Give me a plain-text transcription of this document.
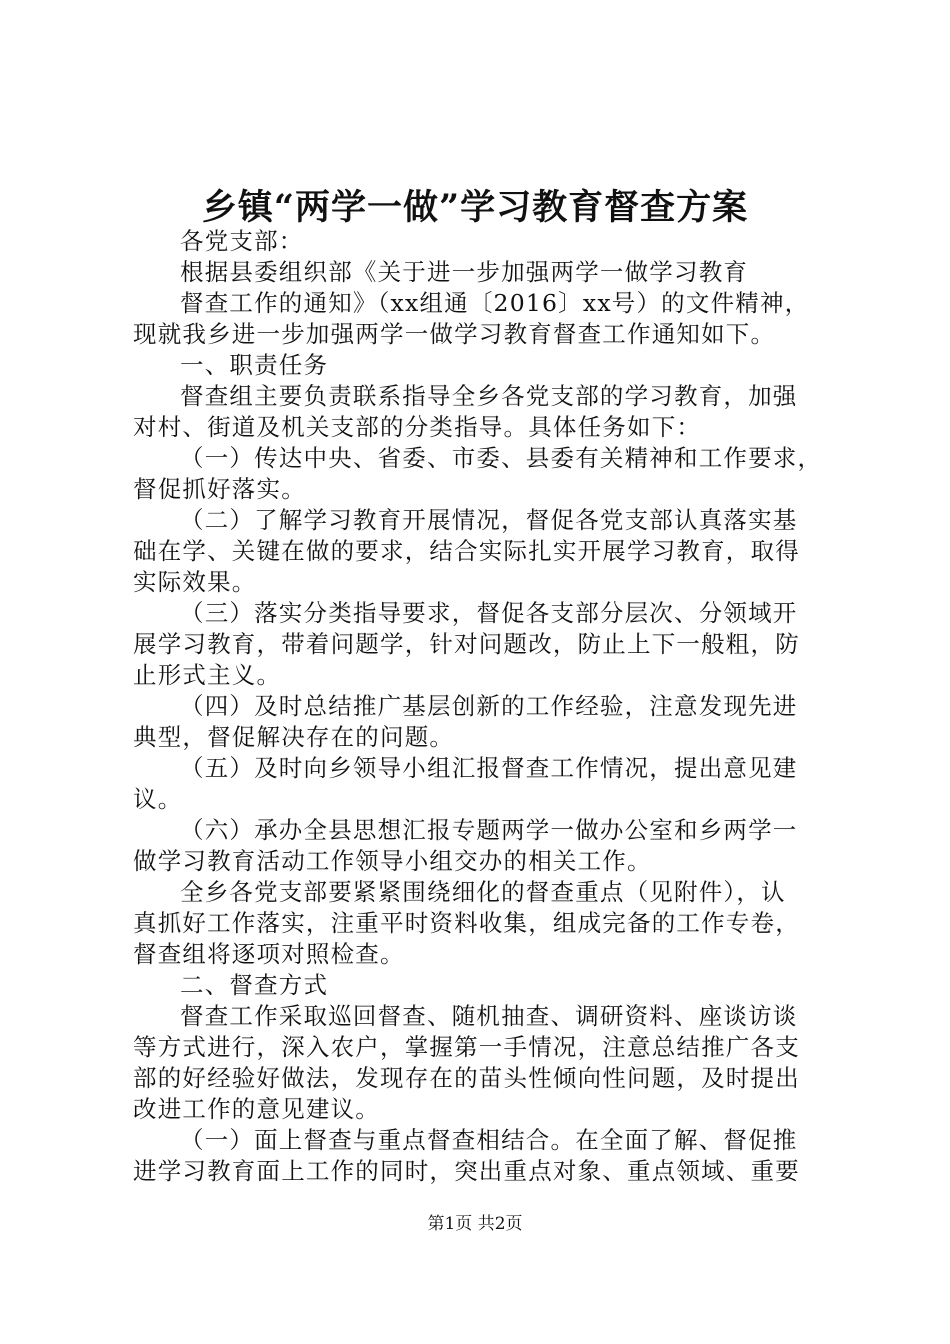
乡镇“两学一做”学习教育督查方案
各党支部：
根据县委组织部《关于进一步加强两学一做学习教育
督查工作的通知》（xx组通〔2016〕xx号）的文件精神，
现就我乡进一步加强两学一做学习教育督查工作通知如下。
一、职责任务
督查组主要负责联系指导全乡各党支部的学习教育，加强
对村、街道及机关支部的分类指导。具体任务如下：
（一）传达中央、省委、市委、县委有关精神和工作要求，
督促抓好落实。
（二）了解学习教育开展情况，督促各党支部认真落实基
础在学、关键在做的要求，结合实际扎实开展学习教育，取得
实际效果。
（三）落实分类指导要求，督促各支部分层次、分领域开
展学习教育，带着问题学，针对问题改，防止上下一般粗，防
止形式主义。
（四）及时总结推广基层创新的工作经验，注意发现先进
典型，督促解决存在的问题。
（五）及时向乡领导小组汇报督查工作情况，提出意见建
议。
（六）承办全县思想汇报专题两学一做办公室和乡两学一
做学习教育活动工作领导小组交办的相关工作。
全乡各党支部要紧紧围绕细化的督查重点（见附件），认
真抓好工作落实，注重平时资料收集，组成完备的工作专卷，
督查组将逐项对照检查。
二、督查方式
督查工作采取巡回督查、随机抽查、调研资料、座谈访谈
等方式进行，深入农户，掌握第一手情况，注意总结推广各支
部的好经验好做法，发现存在的苗头性倾向性问题，及时提出
改进工作的意见建议。
（一）面上督查与重点督查相结合。在全面了解、督促推
进学习教育面上工作的同时，突出重点对象、重点领域、重要
第1页 共2页
